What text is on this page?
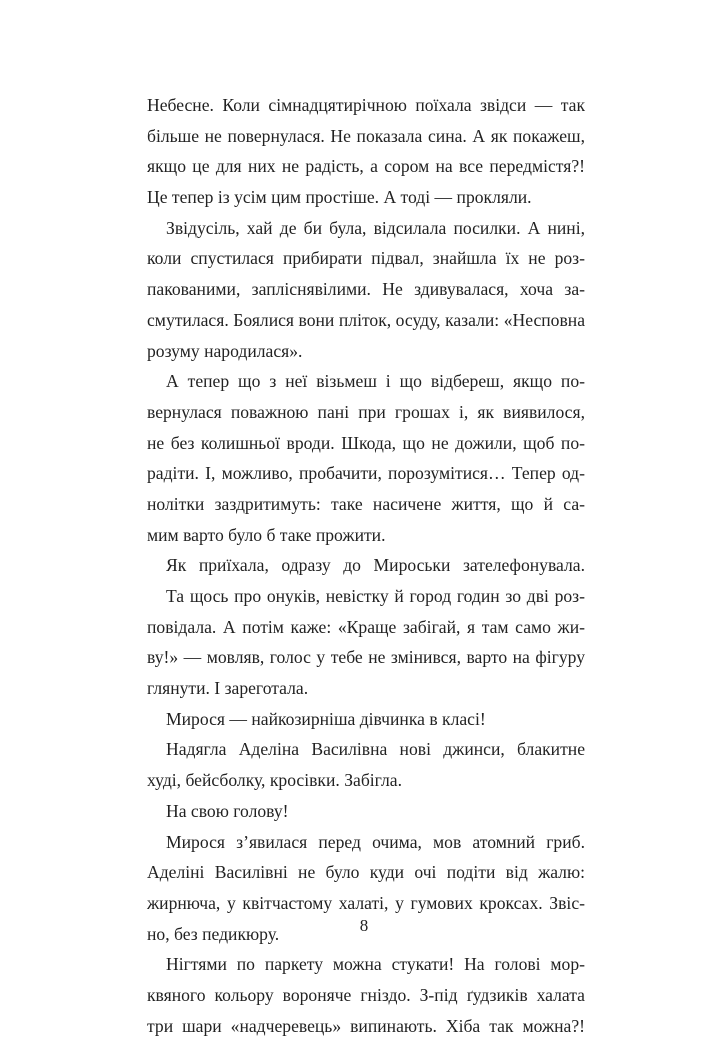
Небесне. Коли сімнадцятирічною поїхала звідси — так
більше не повернулася. Не показала сина. А як покажеш,
якщо це для них не радість, а сором на все передмістя?!
Це тепер із усім цим простіше. А тоді — прокляли.
Звідусіль, хай де би була, відсилала посилки. А нині,
коли спустилася прибирати підвал, знайшла їх не роз-
пакованими, запліснявілими. Не здивувалася, хоча за-
смутилася. Боялися вони пліток, осуду, казали: «Несповна
розуму народилася».
А тепер що з неї візьмеш і що відбереш, якщо по-
вернулася поважною пані при грошах і, як виявилося,
не без колишньої вроди. Шкода, що не дожили, щоб по-
радіти. І, можливо, пробачити, порозумітися… Тепер од-
нолітки заздритимуть: таке насичене життя, що й са-
мим варто було б таке прожити.
Як приїхала, одразу до Мироськи зателефонувала.
Та щось про онуків, невістку й город годин зо дві роз-
повідала. А потім каже: «Краще забігай, я там само жи-
ву!» — мовляв, голос у тебе не змінився, варто на фігуру
глянути. І зареготала.
Мирося — найкозирніша дівчинка в класі!
Надягла Аделіна Василівна нові джинси, блакитне
худі, бейсболку, кросівки. Забігла.
На свою голову!
Мирося з’явилася перед очима, мов атомний гриб.
Аделіні Василівні не було куди очі подіти від жалю:
жирнюча, у квітчастому халаті, у гумових кроксах. Звіс-
но, без педикюру.
Нігтями по паркету можна стукати! На голові мор-
квяного кольору вороняче гніздо. З-під ґудзиків халата
три шари «надчеревець» випинають. Хіба так можна?!
8
